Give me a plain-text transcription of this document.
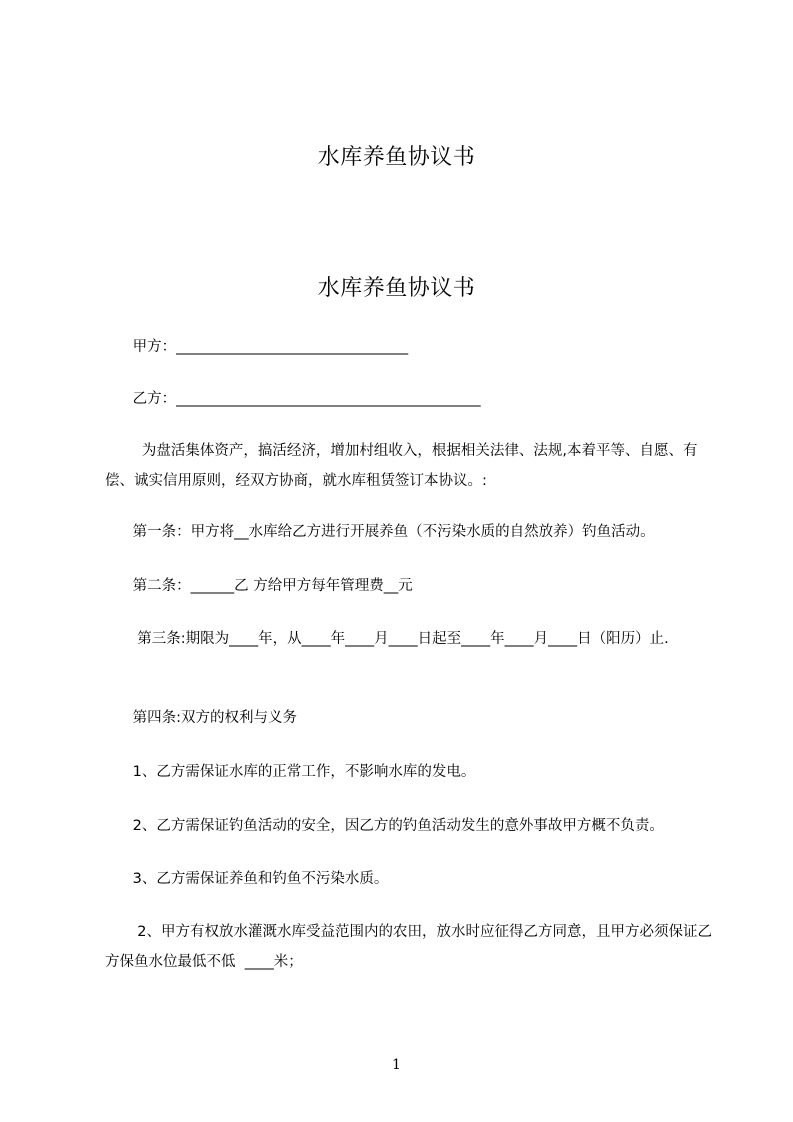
水库养鱼协议书
水库养鱼协议书

甲方：________________________________

乙方：__________________________________________

为盘活集体资产，搞活经济，增加村组收入，根据相关法律、法规,本着平等、自愿、有偿、诚实信用原则，经双方协商，就水库租赁签订本协议。:

第一条：甲方将__水库给乙方进行开展养鱼（不污染水质的自然放养）钓鱼活动。

第二条：______乙 方给甲方每年管理费__元

第三条:期限为____年，从____年____月____日起至____年____月____日（阳历）止.

第四条:双方的权利与义务

1、乙方需保证水库的正常工作，不影响水库的发电。

2、乙方需保证钓鱼活动的安全，因乙方的钓鱼活动发生的意外事故甲方概不负责。

3、乙方需保证养鱼和钓鱼不污染水质。

2、甲方有权放水灌溉水库受益范围内的农田，放水时应征得乙方同意，且甲方必须保证乙方保鱼水位最低不低  ____米；

1
